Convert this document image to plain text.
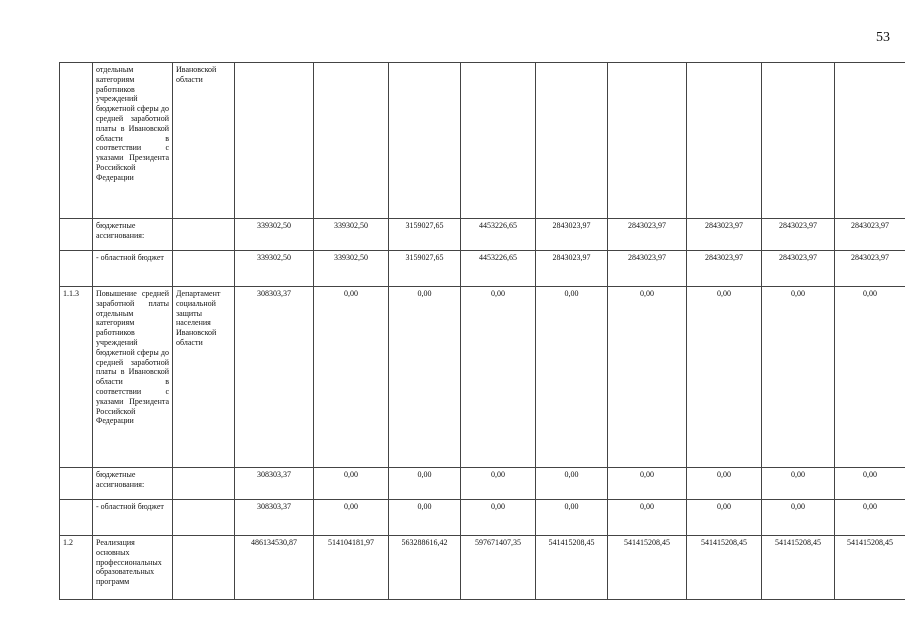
53
	отдельным категориям работников учреждений бюджетной сферы до средней заработной платы в Ивановской области в соответствии с указами Президента Российской Федерации	Ивановской области									
	бюджетные ассигнования:		339302,50	339302,50	3159027,65	4453226,65	2843023,97	2843023,97	2843023,97	2843023,97	2843023,97
	- областной бюджет		339302,50	339302,50	3159027,65	4453226,65	2843023,97	2843023,97	2843023,97	2843023,97	2843023,97
1.1.3	Повышение средней заработной платы отдельным категориям работников учреждений бюджетной сферы до средней заработной платы в Ивановской области в соответствии с указами Президента Российской Федерации	Департамент социальной защиты населения Ивановской области	308303,37	0,00	0,00	0,00	0,00	0,00	0,00	0,00	0,00
	бюджетные ассигнования:		308303,37	0,00	0,00	0,00	0,00	0,00	0,00	0,00	0,00
	- областной бюджет		308303,37	0,00	0,00	0,00	0,00	0,00	0,00	0,00	0,00
1.2	Реализация основных профессиональных образовательных программ		486134530,87	514104181,97	563288616,42	597671407,35	541415208,45	541415208,45	541415208,45	541415208,45	541415208,45
